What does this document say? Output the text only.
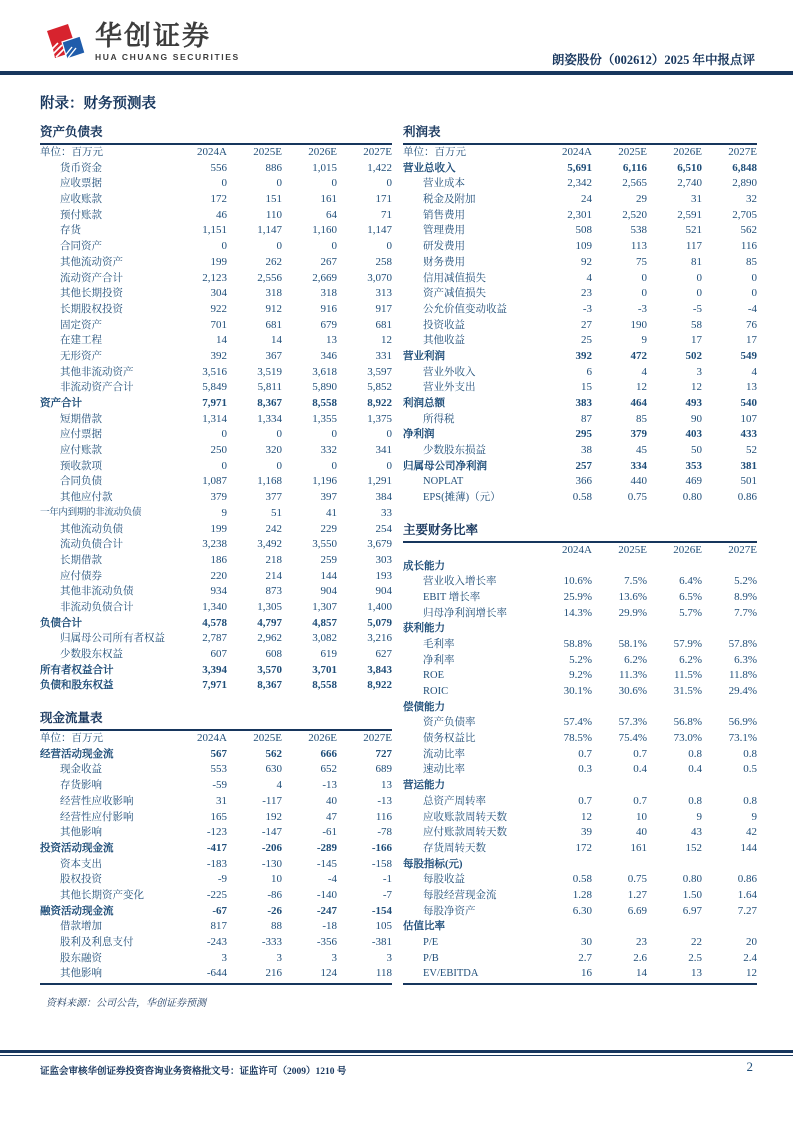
华创证券
HUA CHUANG SECURITIES	朗姿股份（002612）2025 年中报点评
附录：财务预测表
资产负债表
单位：百万元	2024A	2025E	2026E	2027E
货币资金	556	886	1,015	1,422
应收票据	0	0	0	0
应收账款	172	151	161	171
预付账款	46	110	64	71
存货	1,151	1,147	1,160	1,147
合同资产	0	0	0	0
其他流动资产	199	262	267	258
流动资产合计	2,123	2,556	2,669	3,070
其他长期投资	304	318	318	313
长期股权投资	922	912	916	917
固定资产	701	681	679	681
在建工程	14	14	13	12
无形资产	392	367	346	331
其他非流动资产	3,516	3,519	3,618	3,597
非流动资产合计	5,849	5,811	5,890	5,852
资产合计	7,971	8,367	8,558	8,922
短期借款	1,314	1,334	1,355	1,375
应付票据	0	0	0	0
应付账款	250	320	332	341
预收款项	0	0	0	0
合同负债	1,087	1,168	1,196	1,291
其他应付款	379	377	397	384
一年内到期的非流动负债	9	51	41	33
其他流动负债	199	242	229	254
流动负债合计	3,238	3,492	3,550	3,679
长期借款	186	218	259	303
应付债券	220	214	144	193
其他非流动负债	934	873	904	904
非流动负债合计	1,340	1,305	1,307	1,400
负债合计	4,578	4,797	4,857	5,079
归属母公司所有者权益	2,787	2,962	3,082	3,216
少数股东权益	607	608	619	627
所有者权益合计	3,394	3,570	3,701	3,843
负债和股东权益	7,971	8,367	8,558	8,922
现金流量表
单位：百万元	2024A	2025E	2026E	2027E
经营活动现金流	567	562	666	727
现金收益	553	630	652	689
存货影响	-59	4	-13	13
经营性应收影响	31	-117	40	-13
经营性应付影响	165	192	47	116
其他影响	-123	-147	-61	-78
投资活动现金流	-417	-206	-289	-166
资本支出	-183	-130	-145	-158
股权投资	-9	10	-4	-1
其他长期资产变化	-225	-86	-140	-7
融资活动现金流	-67	-26	-247	-154
借款增加	817	88	-18	105
股利及利息支付	-243	-333	-356	-381
股东融资	3	3	3	3
其他影响	-644	216	124	118
资料来源：公司公告，华创证券预测
利润表
单位：百万元	2024A	2025E	2026E	2027E
营业总收入	5,691	6,116	6,510	6,848
营业成本	2,342	2,565	2,740	2,890
税金及附加	24	29	31	32
销售费用	2,301	2,520	2,591	2,705
管理费用	508	538	521	562
研发费用	109	113	117	116
财务费用	92	75	81	85
信用减值损失	4	0	0	0
资产减值损失	23	0	0	0
公允价值变动收益	-3	-3	-5	-4
投资收益	27	190	58	76
其他收益	25	9	17	17
营业利润	392	472	502	549
营业外收入	6	4	3	4
营业外支出	15	12	12	13
利润总额	383	464	493	540
所得税	87	85	90	107
净利润	295	379	403	433
少数股东损益	38	45	50	52
归属母公司净利润	257	334	353	381
NOPLAT	366	440	469	501
EPS(摊薄)（元）	0.58	0.75	0.80	0.86
主要财务比率
2024A	2025E	2026E	2027E
成长能力
营业收入增长率	10.6%	7.5%	6.4%	5.2%
EBIT 增长率	25.9%	13.6%	6.5%	8.9%
归母净利润增长率	14.3%	29.9%	5.7%	7.7%
获利能力
毛利率	58.8%	58.1%	57.9%	57.8%
净利率	5.2%	6.2%	6.2%	6.3%
ROE	9.2%	11.3%	11.5%	11.8%
ROIC	30.1%	30.6%	31.5%	29.4%
偿债能力
资产负债率	57.4%	57.3%	56.8%	56.9%
债务权益比	78.5%	75.4%	73.0%	73.1%
流动比率	0.7	0.7	0.8	0.8
速动比率	0.3	0.4	0.4	0.5
营运能力
总资产周转率	0.7	0.7	0.8	0.8
应收账款周转天数	12	10	9	9
应付账款周转天数	39	40	43	42
存货周转天数	172	161	152	144
每股指标(元)
每股收益	0.58	0.75	0.80	0.86
每股经营现金流	1.28	1.27	1.50	1.64
每股净资产	6.30	6.69	6.97	7.27
估值比率
P/E	30	23	22	20
P/B	2.7	2.6	2.5	2.4
EV/EBITDA	16	14	13	12
证监会审核华创证券投资咨询业务资格批文号：证监许可（2009）1210 号	2
